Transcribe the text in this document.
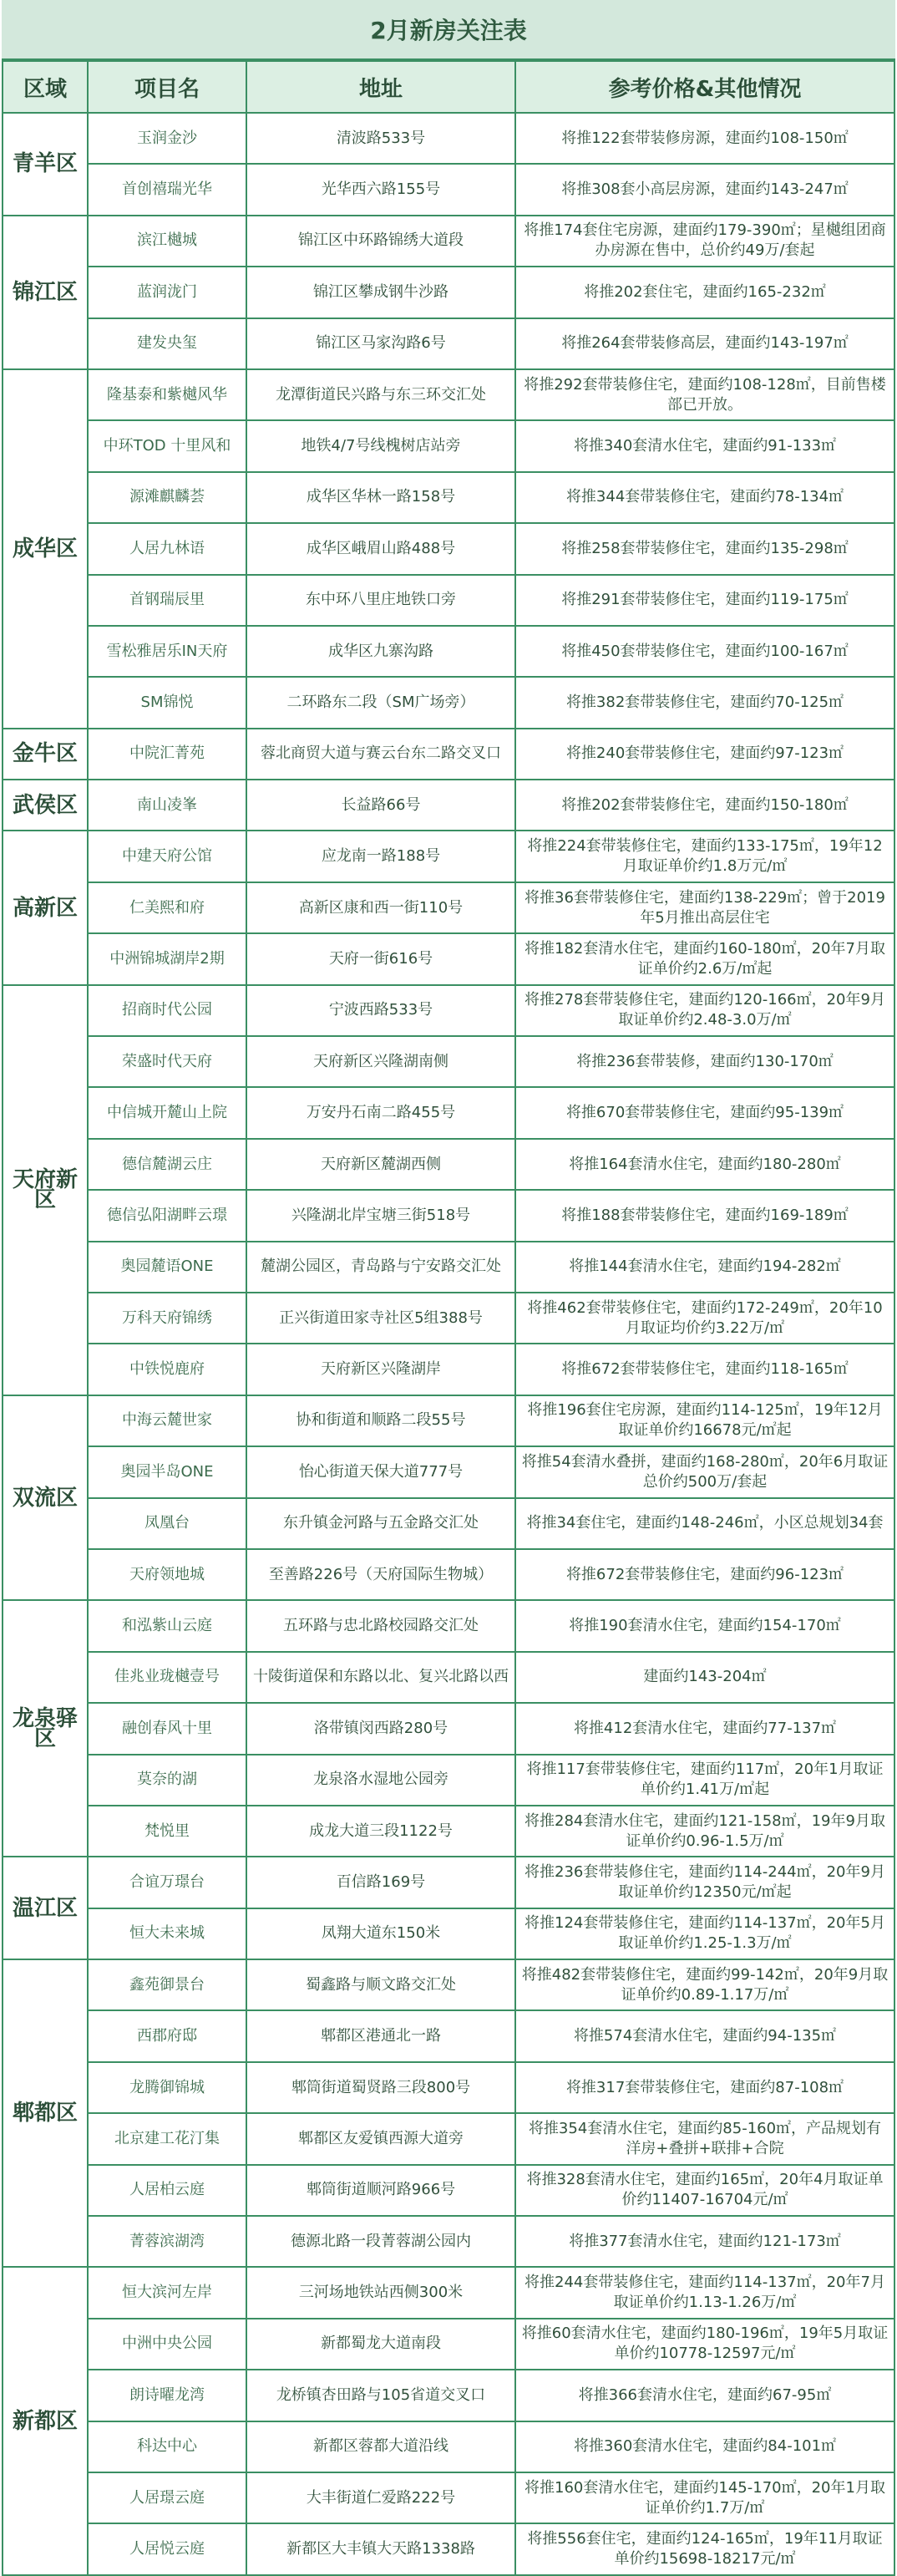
2月新房关注表
区域	项目名	地址	参考价格&其他情况
青羊区	玉润金沙	清波路533号	将推122套带装修房源，建面约108-150㎡
	首创禧瑞光华	光华西六路155号	将推308套小高层房源，建面约143-247㎡
锦江区	滨江樾城	锦江区中环路锦绣大道段	将推174套住宅房源，建面约179-390㎡；星樾组团商办房源在售中，总价约49万/套起
	蓝润泷门	锦江区攀成钢牛沙路	将推202套住宅，建面约165-232㎡
	建发央玺	锦江区马家沟路6号	将推264套带装修高层，建面约143-197㎡
成华区	隆基泰和紫樾风华	龙潭街道民兴路与东三环交汇处	将推292套带装修住宅，建面约108-128㎡，目前售楼部已开放。
	中环TOD 十里风和	地铁4/7号线槐树店站旁	将推340套清水住宅，建面约91-133㎡
	源滩麒麟荟	成华区华林一路158号	将推344套带装修住宅，建面约78-134㎡
	人居九林语	成华区峨眉山路488号	将推258套带装修住宅，建面约135-298㎡
	首钢瑞辰里	东中环八里庄地铁口旁	将推291套带装修住宅，建面约119-175㎡
	雪松雅居乐IN天府	成华区九寨沟路	将推450套带装修住宅，建面约100-167㎡
	SM锦悦	二环路东二段（SM广场旁）	将推382套带装修住宅，建面约70-125㎡
金牛区	中院汇菁苑	蓉北商贸大道与赛云台东二路交叉口	将推240套带装修住宅，建面约97-123㎡
武侯区	南山凌峯	长益路66号	将推202套带装修住宅，建面约150-180㎡
高新区	中建天府公馆	应龙南一路188号	将推224套带装修住宅，建面约133-175㎡，19年12月取证单价约1.8万元/㎡
	仁美熙和府	高新区康和西一街110号	将推36套带装修住宅，建面约138-229㎡；曾于2019年5月推出高层住宅
	中洲锦城湖岸2期	天府一街616号	将推182套清水住宅，建面约160-180㎡，20年7月取证单价约2.6万/㎡起
天府新区	招商时代公园	宁波西路533号	将推278套带装修住宅，建面约120-166㎡，20年9月取证单价约2.48-3.0万/㎡
	荣盛时代天府	天府新区兴隆湖南侧	将推236套带装修，建面约130-170㎡
	中信城开麓山上院	万安丹石南二路455号	将推670套带装修住宅，建面约95-139㎡
	德信麓湖云庄	天府新区麓湖西侧	将推164套清水住宅，建面约180-280㎡
	德信弘阳湖畔云璟	兴隆湖北岸宝塘三街518号	将推188套带装修住宅，建面约169-189㎡
	奥园麓语ONE	麓湖公园区，青岛路与宁安路交汇处	将推144套清水住宅，建面约194-282㎡
	万科天府锦绣	正兴街道田家寺社区5组388号	将推462套带装修住宅，建面约172-249㎡，20年10月取证均价约3.22万/㎡
	中铁悦鹿府	天府新区兴隆湖岸	将推672套带装修住宅，建面约118-165㎡
双流区	中海云麓世家	协和街道和顺路二段55号	将推196套住宅房源，建面约114-125㎡，19年12月取证单价约16678元/㎡起
	奥园半岛ONE	怡心街道天保大道777号	将推54套清水叠拼，建面约168-280㎡，20年6月取证总价约500万/套起
	凤凰台	东升镇金河路与五金路交汇处	将推34套住宅，建面约148-246㎡，小区总规划34套
	天府领地城	至善路226号（天府国际生物城）	将推672套带装修住宅，建面约96-123㎡
龙泉驿区	和泓紫山云庭	五环路与忠北路校园路交汇处	将推190套清水住宅，建面约154-170㎡
	佳兆业珑樾壹号	十陵街道保和东路以北、复兴北路以西	建面约143-204㎡
	融创春风十里	洛带镇闵西路280号	将推412套清水住宅，建面约77-137㎡
	莫奈的湖	龙泉洛水湿地公园旁	将推117套带装修住宅，建面约117㎡，20年1月取证单价约1.41万/㎡起
	梵悦里	成龙大道三段1122号	将推284套清水住宅，建面约121-158㎡，19年9月取证单价约0.96-1.5万/㎡
温江区	合谊万璟台	百信路169号	将推236套带装修住宅，建面约114-244㎡，20年9月取证单价约12350元/㎡起
	恒大未来城	凤翔大道东150米	将推124套带装修住宅，建面约114-137㎡，20年5月取证单价约1.25-1.3万/㎡
郫都区	鑫苑御景台	蜀鑫路与顺文路交汇处	将推482套带装修住宅，建面约99-142㎡，20年9月取证单价约0.89-1.17万/㎡
	西郡府邸	郫都区港通北一路	将推574套清水住宅，建面约94-135㎡
	龙腾御锦城	郫筒街道蜀贤路三段800号	将推317套带装修住宅，建面约87-108㎡
	北京建工花汀集	郫都区友爱镇西源大道旁	将推354套清水住宅，建面约85-160㎡，产品规划有洋房+叠拼+联排+合院
	人居柏云庭	郫筒街道顺河路966号	将推328套清水住宅，建面约165㎡，20年4月取证单价约11407-16704元/㎡
	菁蓉滨湖湾	德源北路一段菁蓉湖公园内	将推377套清水住宅，建面约121-173㎡
新都区	恒大滨河左岸	三河场地铁站西侧300米	将推244套带装修住宅，建面约114-137㎡，20年7月取证单价约1.13-1.26万/㎡
	中洲中央公园	新都蜀龙大道南段	将推60套清水住宅，建面约180-196㎡，19年5月取证单价约10778-12597元/㎡
	朗诗曜龙湾	龙桥镇杏田路与105省道交叉口	将推366套清水住宅，建面约67-95㎡
	科达中心	新都区蓉都大道沿线	将推360套清水住宅，建面约84-101㎡
	人居璟云庭	大丰街道仁爱路222号	将推160套清水住宅，建面约145-170㎡，20年1月取证单价约1.7万/㎡
	人居悦云庭	新都区大丰镇大天路1338路	将推556套住宅，建面约124-165㎡，19年11月取证单价约15698-18217元/㎡
